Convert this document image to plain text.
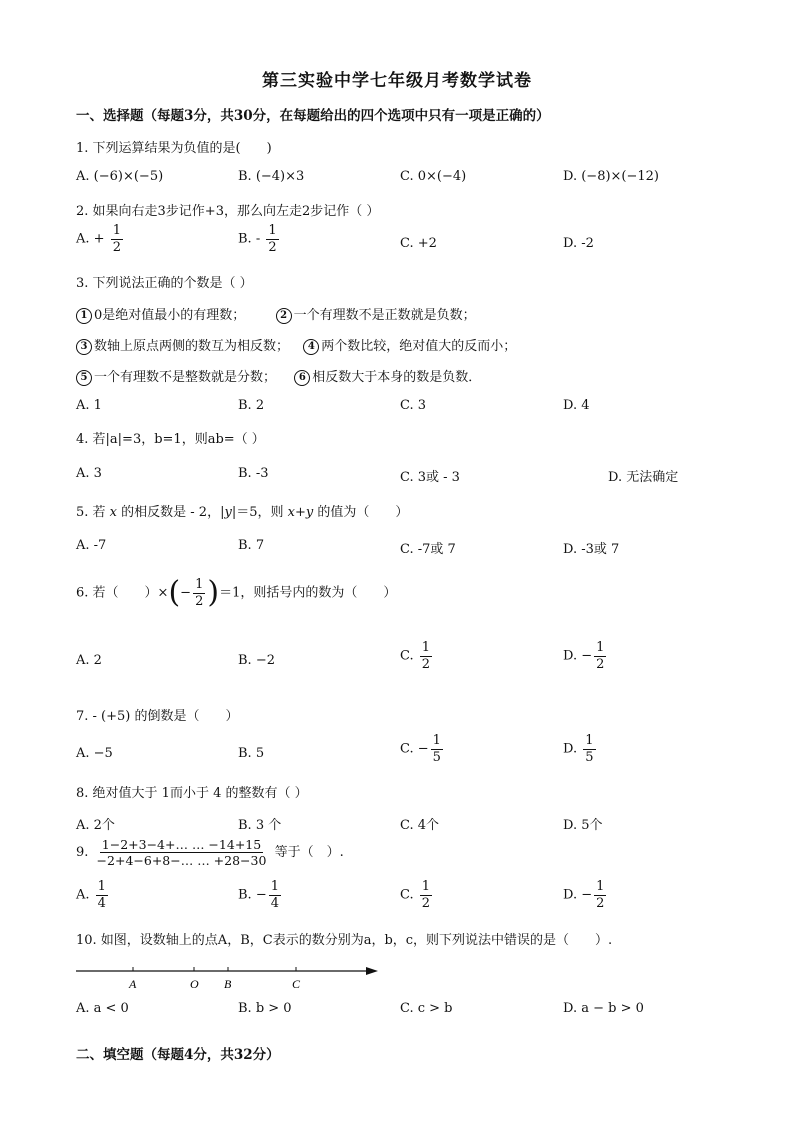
第三实验中学七年级月考数学试卷
一、选择题（每题3分，共30分，在每题给出的四个选项中只有一项是正确的）
1. 下列运算结果为负值的是(　　)
A. (−6)×(−5)	B. (−4)×3	C. 0×(−4)	D. (−8)×(−12)
2. 如果向右走3步记作+3，那么向左走2步记作（ ）
A. + $\frac{1}{2}$	B. - $\frac{1}{2}$	C. +2	D. -2
3. 下列说法正确的个数是（ ）
1 0是绝对值最小的有理数；	2 一个有理数不是正数就是负数；
3 数轴上原点两侧的数互为相反数； 4 两个数比较，绝对值大的反而小；
5 一个有理数不是整数就是分数； 6 相反数大于本身的数是负数．
A. 1	B. 2	C. 3	D. 4
4. 若|a|=3，b=1，则ab=（ ）
A. 3	B. -3	C. 3或 - 3	D. 无法确定
5. 若 x 的相反数是 - 2，|y|＝5，则 x+y 的值为（　　）
A. -7	B. 7	C. -7或 7	D. -3或 7
6. 若（　　）×(− $\frac{1}{2} )=1$，则括号内的数为（　　）
A. 2	B. −2	C. $\frac{1}{2}$	D. − $\frac{1}{2}$
7. - (+5) 的倒数是（　　）
A. −5	B. 5	C. − $\frac{1}{5}$	D. $\frac{1}{5}$
8. 绝对值大于 1而小于 4 的整数有（ ）
A. 2个	B. 3 个	C. 4个	D. 5个
9. $\frac{1-2+3-4+\dots \dots -14+15}{-2+4-6+8-\dots \dots +28-30}$ 等于（　）.
A. $\frac{1}{4}$	B. − $\frac{1}{4}$	C. $\frac{1}{2}$	D. − $\frac{1}{2}$
10. 如图，设数轴上的点A，B，C表示的数分别为a，b，c，则下列说法中错误的是（　　）.
A	O B	C
A. a < 0	B. b > 0	C. c > b	D. a − b > 0
二、填空题（每题4分，共32分）
